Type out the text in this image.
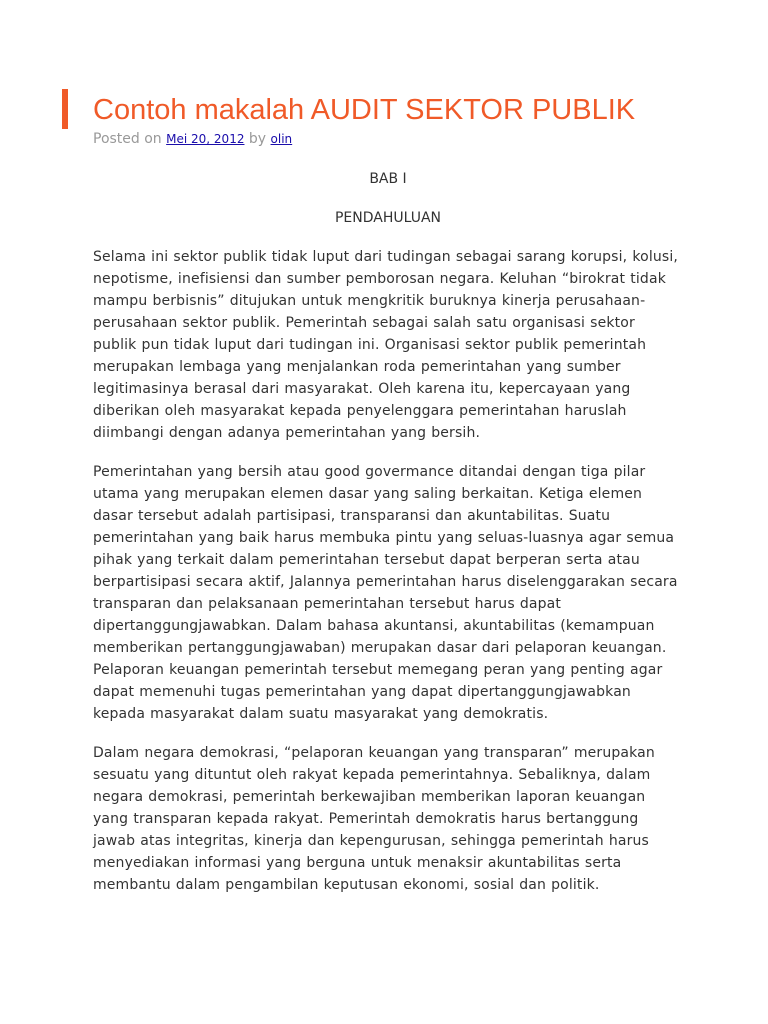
Contoh makalah AUDIT SEKTOR PUBLIK
Posted on Mei 20, 2012 by olin

BAB I

PENDAHULUAN

Selama ini sektor publik tidak luput dari tudingan sebagai sarang korupsi, kolusi, nepotisme, inefisiensi dan sumber pemborosan negara. Keluhan “birokrat tidak mampu berbisnis” ditujukan untuk mengkritik buruknya kinerja perusahaan-perusahaan sektor publik. Pemerintah sebagai salah satu organisasi sektor publik pun tidak luput dari tudingan ini. Organisasi sektor publik pemerintah merupakan lembaga yang menjalankan roda pemerintahan yang sumber legitimasinya berasal dari masyarakat. Oleh karena itu, kepercayaan yang diberikan oleh masyarakat kepada penyelenggara pemerintahan haruslah diimbangi dengan adanya pemerintahan yang bersih.

Pemerintahan yang bersih atau good govermance ditandai dengan tiga pilar utama yang merupakan elemen dasar yang saling berkaitan. Ketiga elemen dasar tersebut adalah partisipasi, transparansi dan akuntabilitas. Suatu pemerintahan yang baik harus membuka pintu yang seluas-luasnya agar semua pihak yang terkait dalam pemerintahan tersebut dapat berperan serta atau berpartisipasi secara aktif, Jalannya pemerintahan harus diselenggarakan secara transparan dan pelaksanaan pemerintahan tersebut harus dapat dipertanggungjawabkan. Dalam bahasa akuntansi, akuntabilitas (kemampuan memberikan pertanggungjawaban) merupakan dasar dari pelaporan keuangan. Pelaporan keuangan pemerintah tersebut memegang peran yang penting agar dapat memenuhi tugas pemerintahan yang dapat dipertanggungjawabkan kepada masyarakat dalam suatu masyarakat yang demokratis.

Dalam negara demokrasi, “pelaporan keuangan yang transparan” merupakan sesuatu yang dituntut oleh rakyat kepada pemerintahnya. Sebaliknya, dalam negara demokrasi, pemerintah berkewajiban memberikan laporan keuangan yang transparan kepada rakyat. Pemerintah demokratis harus bertanggung jawab atas integritas, kinerja dan kepengurusan, sehingga pemerintah harus menyediakan informasi yang berguna untuk menaksir akuntabilitas serta membantu dalam pengambilan keputusan ekonomi, sosial dan politik.
